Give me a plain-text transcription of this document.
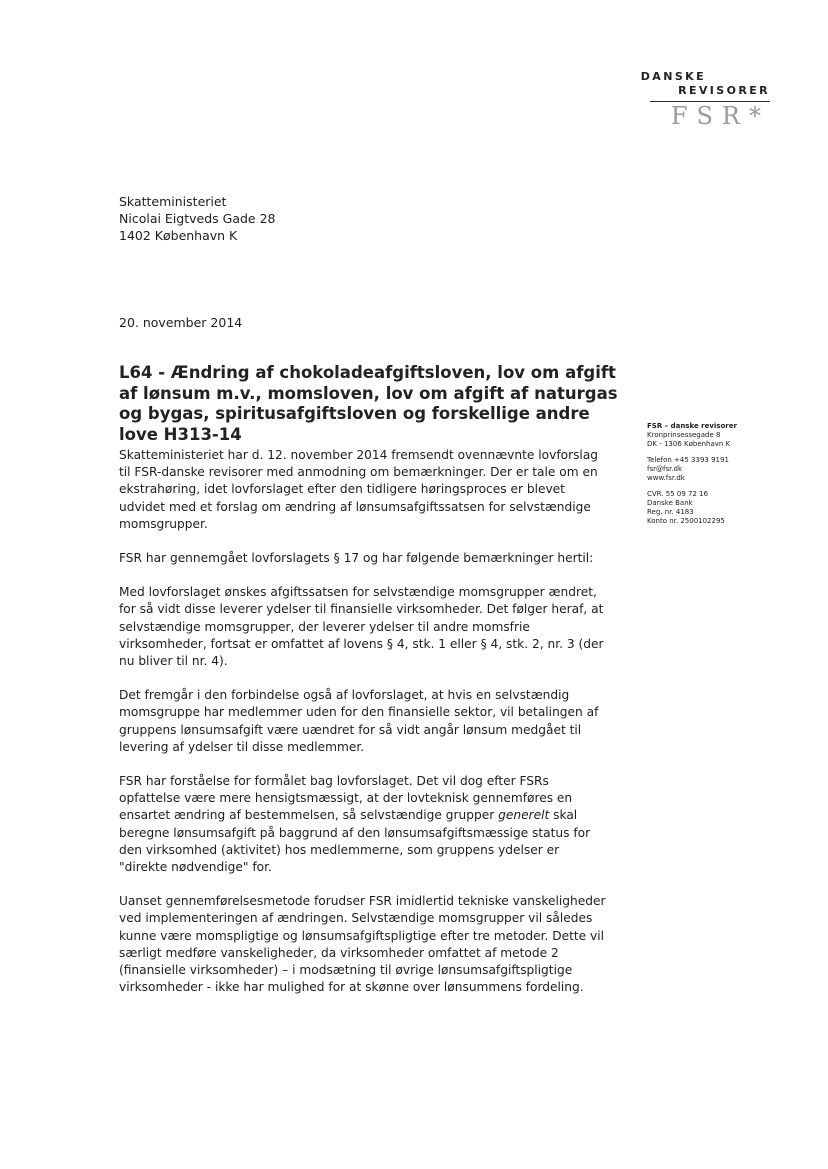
DANSKE
REVISORER
FSR*
Skatteministeriet
Nicolai Eigtveds Gade 28
1402 København K
20. november 2014
L64 - Ændring af chokoladeafgiftsloven, lov om afgift af lønsum m.v., momsloven, lov om afgift af naturgas og bygas, spiritusafgiftsloven og forskellige andre love H313-14	FSR – danske revisorer
Kronprinsessegade 8
DK - 1306 København K
Telefon +45 3393 9191
fsr@fsr.dk
www.fsr.dk
CVR. 55 09 72 16
Danske Bank
Reg. nr. 4183
Konto nr. 2500102295

Skatteministeriet har d. 12. november 2014 fremsendt ovennævnte lovforslag til FSR-danske revisorer med anmodning om bemærkninger. Der er tale om en ekstrahøring, idet lovforslaget efter den tidligere høringsproces er blevet udvidet med et forslag om ændring af lønsumsafgiftssatsen for selvstændige momsgrupper.

FSR har gennemgået lovforslagets § 17 og har følgende bemærkninger hertil:

Med lovforslaget ønskes afgiftssatsen for selvstændige momsgrupper ændret, for så vidt disse leverer ydelser til finansielle virksomheder. Det følger heraf, at selvstændige momsgrupper, der leverer ydelser til andre momsfrie virksomheder, fortsat er omfattet af lovens § 4, stk. 1 eller § 4, stk. 2, nr. 3 (der nu bliver til nr. 4).

Det fremgår i den forbindelse også af lovforslaget, at hvis en selvstændig momsgruppe har medlemmer uden for den finansielle sektor, vil betalingen af gruppens lønsumsafgift være uændret for så vidt angår lønsum medgået til levering af ydelser til disse medlemmer.

FSR har forståelse for formålet bag lovforslaget. Det vil dog efter FSRs opfattelse være mere hensigtsmæssigt, at der lovteknisk gennemføres en ensartet ændring af bestemmelsen, så selvstændige grupper generelt skal beregne lønsumsafgift på baggrund af den lønsumsafgiftsmæssige status for den virksomhed (aktivitet) hos medlemmerne, som gruppens ydelser er "direkte nødvendige" for.

Uanset gennemførelsesmetode forudser FSR imidlertid tekniske vanskeligheder ved implementeringen af ændringen. Selvstændige momsgrupper vil således kunne være momspligtige og lønsumsafgiftspligtige efter tre metoder. Dette vil særligt medføre vanskeligheder, da virksomheder omfattet af metode 2 (finansielle virksomheder) – i modsætning til øvrige lønsumsafgiftspligtige virksomheder - ikke har mulighed for at skønne over lønsummens fordeling.
